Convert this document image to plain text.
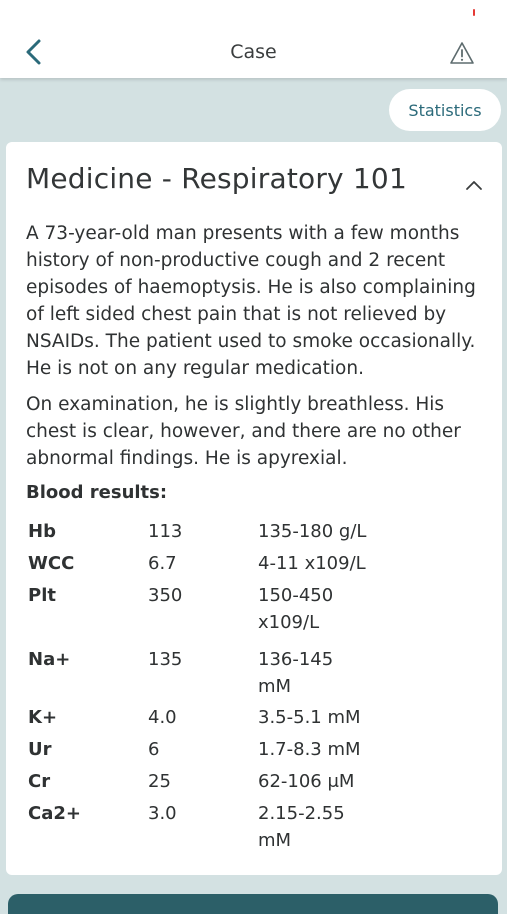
Case
Statistics
Medicine - Respiratory 101

A 73-year-old man presents with a few months history of non-productive cough and 2 recent episodes of haemoptysis. He is also complaining of left sided chest pain that is not relieved by NSAIDs. The patient used to smoke occasionally. He is not on any regular medication.

On examination, he is slightly breathless. His chest is clear, however, and there are no other abnormal findings. He is apyrexial.

Blood results:
Hb	113	135-180 g/L
WCC	6.7	4-11 x109/L
Plt	350	150-450 x109/L
Na+	135	136-145 mM
K+	4.0	3.5-5.1 mM
Ur	6	1.7-8.3 mM
Cr	25	62-106 μM
Ca2+	3.0	2.15-2.55 mM
